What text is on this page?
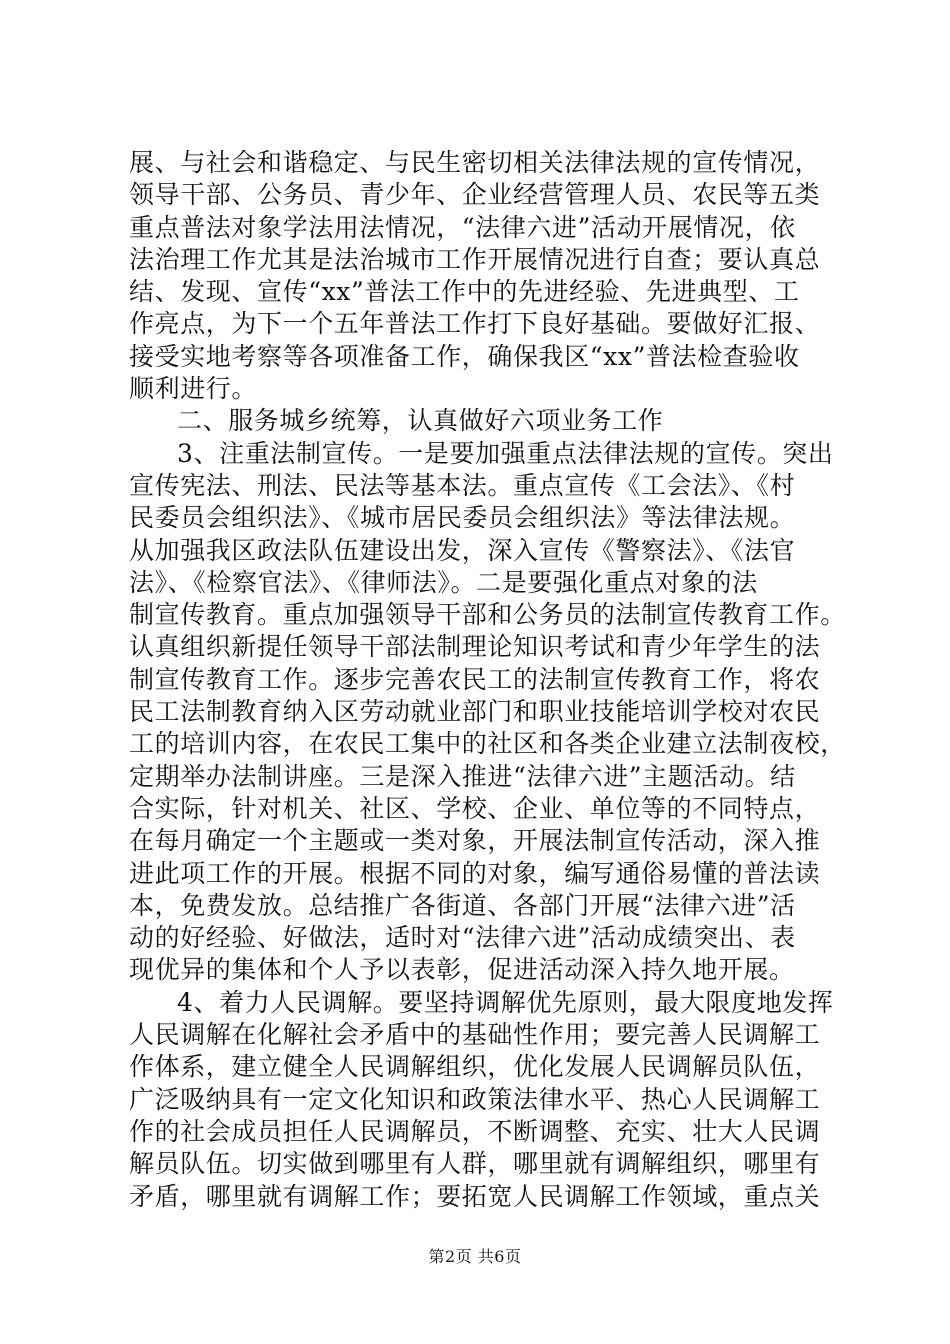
展、与社会和谐稳定、与民生密切相关法律法规的宣传情况，
领导干部、公务员、青少年、企业经营管理人员、农民等五类
重点普法对象学法用法情况，“法律六进”活动开展情况，依
法治理工作尤其是法治城市工作开展情况进行自查；要认真总
结、发现、宣传“xx”普法工作中的先进经验、先进典型、工
作亮点，为下一个五年普法工作打下良好基础。要做好汇报、
接受实地考察等各项准备工作，确保我区“xx”普法检查验收
顺利进行。
二、服务城乡统筹，认真做好六项业务工作
3、注重法制宣传。一是要加强重点法律法规的宣传。突出
宣传宪法、刑法、民法等基本法。重点宣传《工会法》、《村
民委员会组织法》、《城市居民委员会组织法》等法律法规。
从加强我区政法队伍建设出发，深入宣传《警察法》、《法官
法》、《检察官法》、《律师法》。二是要强化重点对象的法
制宣传教育。重点加强领导干部和公务员的法制宣传教育工作。
认真组织新提任领导干部法制理论知识考试和青少年学生的法
制宣传教育工作。逐步完善农民工的法制宣传教育工作，将农
民工法制教育纳入区劳动就业部门和职业技能培训学校对农民
工的培训内容，在农民工集中的社区和各类企业建立法制夜校，
定期举办法制讲座。三是深入推进“法律六进”主题活动。结
合实际，针对机关、社区、学校、企业、单位等的不同特点，
在每月确定一个主题或一类对象，开展法制宣传活动，深入推
进此项工作的开展。根据不同的对象，编写通俗易懂的普法读
本，免费发放。总结推广各街道、各部门开展“法律六进”活
动的好经验、好做法，适时对“法律六进”活动成绩突出、表
现优异的集体和个人予以表彰，促进活动深入持久地开展。
4、着力人民调解。要坚持调解优先原则，最大限度地发挥
人民调解在化解社会矛盾中的基础性作用；要完善人民调解工
作体系，建立健全人民调解组织，优化发展人民调解员队伍，
广泛吸纳具有一定文化知识和政策法律水平、热心人民调解工
作的社会成员担任人民调解员，不断调整、充实、壮大人民调
解员队伍。切实做到哪里有人群，哪里就有调解组织，哪里有
矛盾，哪里就有调解工作；要拓宽人民调解工作领域，重点关
第2页 共6页
